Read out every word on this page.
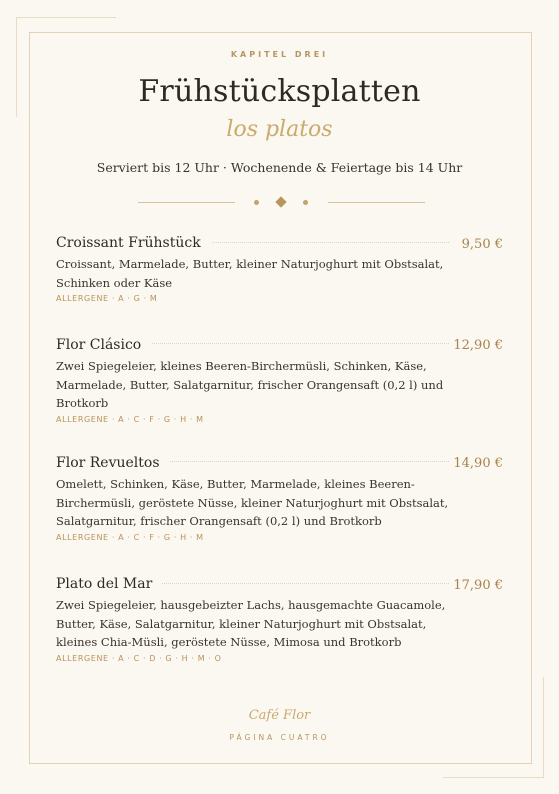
KAPITEL DREI
Frühstücksplatten
los platos
Serviert bis 12 Uhr · Wochenende & Feiertage bis 14 Uhr
Croissant Frühstück	9,50 €
Croissant, Marmelade, Butter, kleiner Naturjoghurt mit Obstsalat, Schinken oder Käse
ALLERGENE · A · G · M
Flor Clásico	12,90 €
Zwei Spiegeleier, kleines Beeren-Birchermüsli, Schinken, Käse, Marmelade, Butter, Salatgarnitur, frischer Orangensaft (0,2 l) und Brotkorb
ALLERGENE · A · C · F · G · H · M
Flor Revueltos	14,90 €
Omelett, Schinken, Käse, Butter, Marmelade, kleines Beeren-Birchermüsli, geröstete Nüsse, kleiner Naturjoghurt mit Obstsalat, Salatgarnitur, frischer Orangensaft (0,2 l) und Brotkorb
ALLERGENE · A · C · F · G · H · M
Plato del Mar	17,90 €
Zwei Spiegeleier, hausgebeizter Lachs, hausgemachte Guacamole, Butter, Käse, Salatgarnitur, kleiner Naturjoghurt mit Obstsalat, kleines Chia-Müsli, geröstete Nüsse, Mimosa und Brotkorb
ALLERGENE · A · C · D · G · H · M · O
Café Flor
PÁGINA CUATRO
